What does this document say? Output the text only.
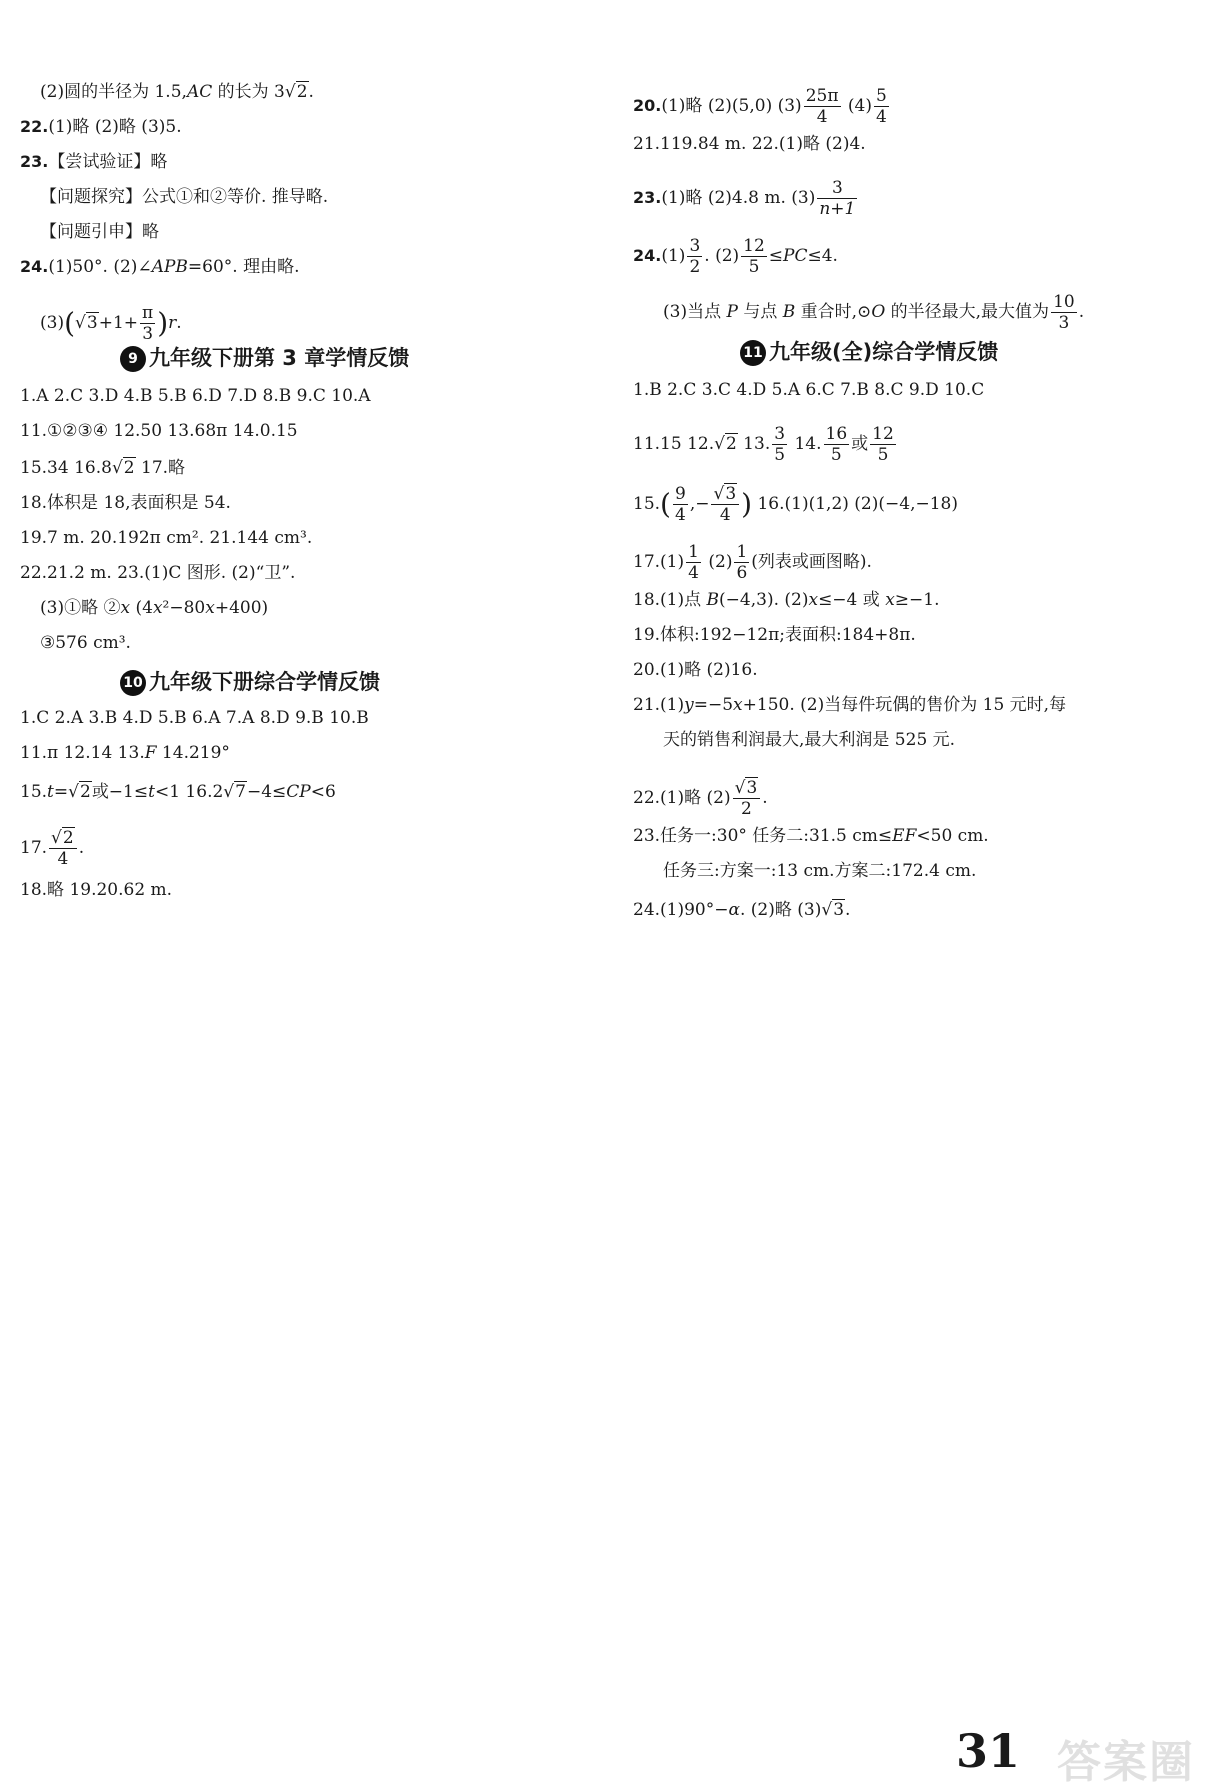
(2)圆的半径为 1.5,AC 的长为 3√2.
22.(1)略 (2)略 (3)5.
23.【尝试验证】略
【问题探究】公式①和②等价. 推导略.
【问题引申】略
24.(1)50°. (2)∠APB=60°. 理由略.
$(3)(√3+1+ \frac{\pi}{3} )r$.
9 九年级下册第 3 章学情反馈
1.A 2.C 3.D 4.B 5.B 6.D 7.D 8.B 9.C 10.A
11.①②③④ 12.50 13.68π 14.0.15
15.34 16.8√2 17.略
18.体积是 18,表面积是 54.
19.7 m. 20.192π cm². 21.144 cm³.
22.21.2 m. 23.(1)C 图形. (2)“卫”.
(3)①略 ②x (4x²−80x+400)
③576 cm³.
10 九年级下册综合学情反馈
1.C 2.A 3.B 4.D 5.B 6.A 7.A 8.D 9.B 10.B
11.π 12.14 13.F 14.219°
15.t=√2或−1≤t<1 16.2√7−4≤CP<6
17. $\frac{√2}{4}$ .
18.略 19.20.62 m.
20.(1)略 (2)(5,0) $(3) \frac{25\pi}{4} (4) \frac{5}{4}$
21.119.84 m. 22.(1)略 (2)4.
23.(1)略 (2)4.8 m. $(3) \frac{3}{n+1}$
$24.(1) \frac{3}{2}$ . $(2) \frac{12}{5} \le PC\le 4$.
(3)当点 P 与点 B 重合时,⊙O 的半径最大,最大值为 $\frac{10}{3}$ .
11 九年级(全)综合学情反馈
1.B 2.C 3.C 4.D 5.A 6.C 7.B 8.C 9.D 10.C
11.15 12.√2 13. $\frac{3}{5} 14$. $\frac{16}{5}$ 或 $\frac{12}{5}$
$15.( \frac{9}{4}$ ,− $\frac{√3}{4}$ ) 16.(1)(1,2) (2)(−4,−18)
$17.(1) \frac{1}{4} (2) \frac{1}{6}$ (列表或画图略).
18.(1)点 B(−4,3). (2)x≤−4 或 x≥−1.
19.体积:192−12π;表面积:184+8π.
20.(1)略 (2)16.
21.(1)y=−5x+150. (2)当每件玩偶的售价为 15 元时,每
天的销售利润最大,最大利润是 525 元.
22.(1)略 $(2) \frac{√3}{2}$ .
23.任务一:30° 任务二:31.5 cm≤EF<50 cm.
任务三:方案一:13 cm.方案二:172.4 cm.
24.(1)90°−α. (2)略 (3)√3.
31 答案圈
